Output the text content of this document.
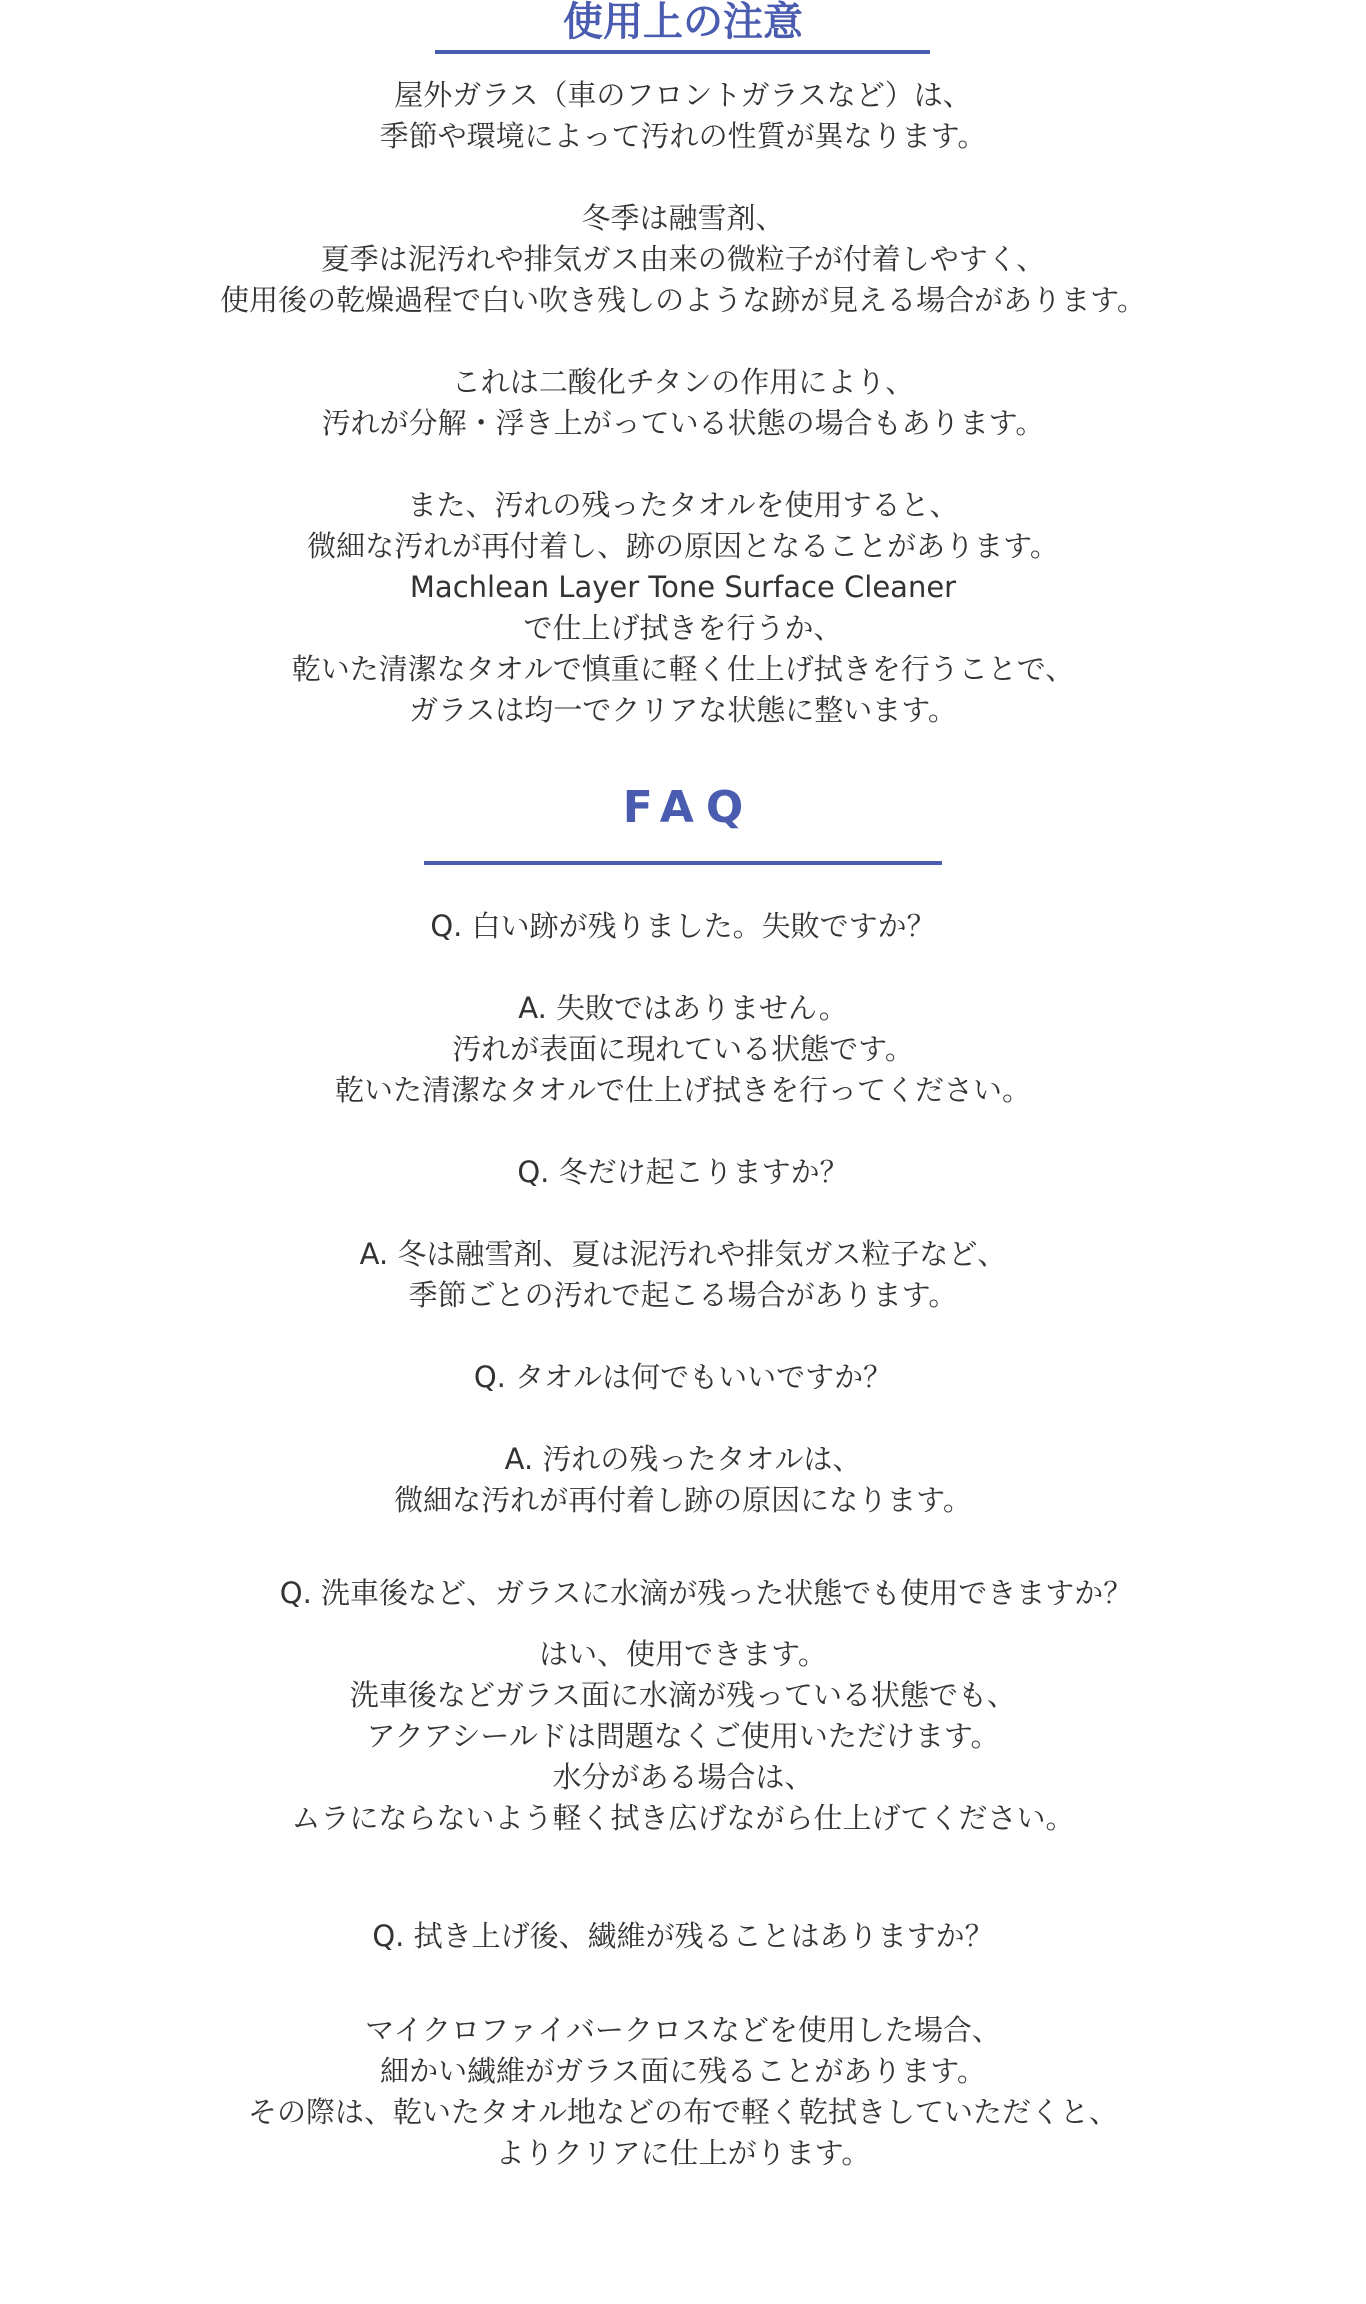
使用上の注意
屋外ガラス（車のフロントガラスなど）は、
季節や環境によって汚れの性質が異なります。
冬季は融雪剤、
夏季は泥汚れや排気ガス由来の微粒子が付着しやすく、
使用後の乾燥過程で白い吹き残しのような跡が見える場合があります。
これは二酸化チタンの作用により、
汚れが分解・浮き上がっている状態の場合もあります。
また、汚れの残ったタオルを使用すると、
微細な汚れが再付着し、跡の原因となることがあります。
Machlean Layer Tone Surface Cleaner
で仕上げ拭きを行うか、
乾いた清潔なタオルで慎重に軽く仕上げ拭きを行うことで、
ガラスは均一でクリアな状態に整います。
FAQ
Q. 白い跡が残りました。失敗ですか？
A. 失敗ではありません。
汚れが表面に現れている状態です。
乾いた清潔なタオルで仕上げ拭きを行ってください。
Q. 冬だけ起こりますか？
A. 冬は融雪剤、夏は泥汚れや排気ガス粒子など、
季節ごとの汚れで起こる場合があります。
Q. タオルは何でもいいですか？
A. 汚れの残ったタオルは、
微細な汚れが再付着し跡の原因になります。
Q. 洗車後など、ガラスに水滴が残った状態でも使用できますか？
はい、使用できます。
洗車後などガラス面に水滴が残っている状態でも、
アクアシールドは問題なくご使用いただけます。
水分がある場合は、
ムラにならないよう軽く拭き広げながら仕上げてください。
Q. 拭き上げ後、繊維が残ることはありますか？
マイクロファイバークロスなどを使用した場合、
細かい繊維がガラス面に残ることがあります。
その際は、乾いたタオル地などの布で軽く乾拭きしていただくと、
よりクリアに仕上がります。
